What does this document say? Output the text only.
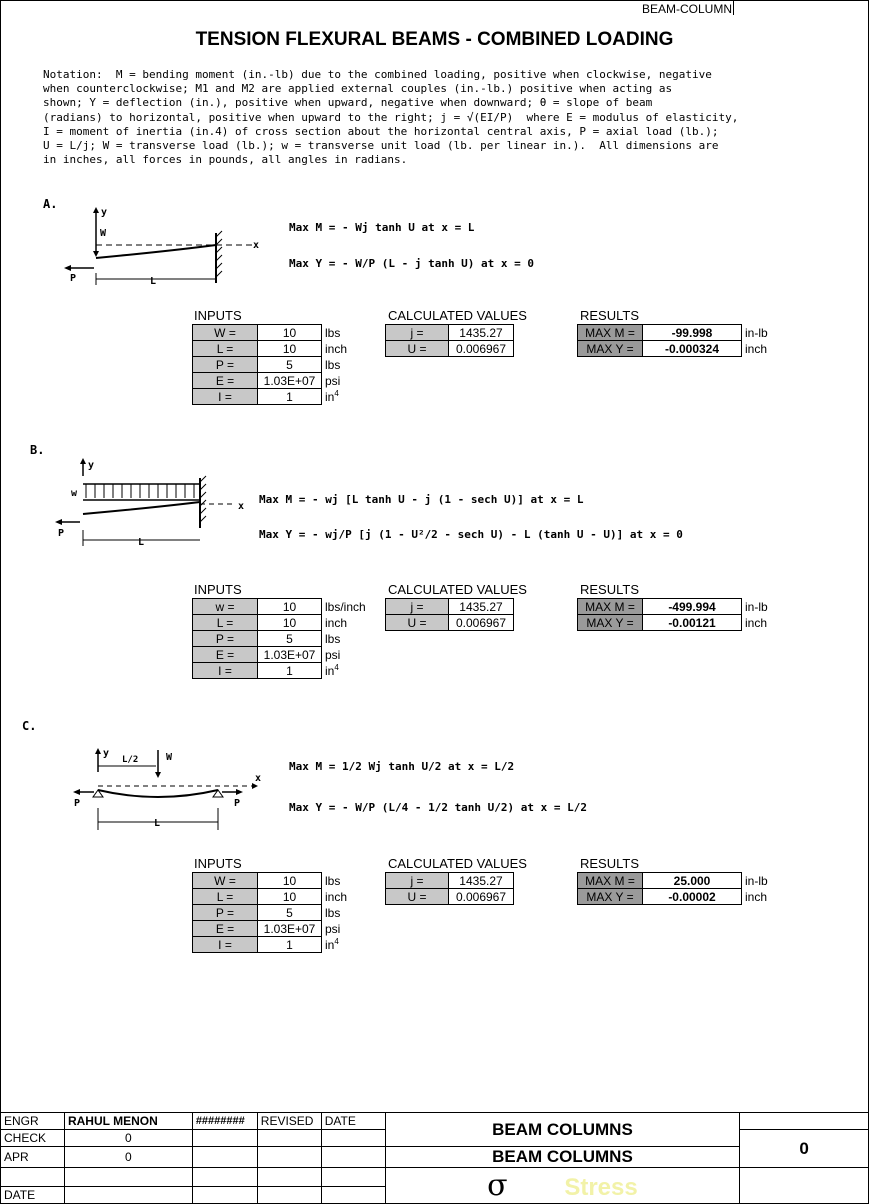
BEAM-COLUMN
TENSION FLEXURAL BEAMS - COMBINED LOADING
Notation:  M = bending moment (in.-lb) due to the combined loading, positive when clockwise, negative
when counterclockwise; M1 and M2 are applied external couples (in.-lb.) positive when acting as
shown; Y = deflection (in.), positive when upward, negative when downward; θ = slope of beam
(radians) to horizontal, positive when upward to the right; j = √(EI/P)  where E = modulus of elasticity,
I = moment of inertia (in.4) of cross section about the horizontal central axis, P = axial load (lb.);
U = L/j; W = transverse load (lb.); w = transverse unit load (lb. per linear in.).  All dimensions are
in inches, all forces in pounds, all angles in radians.
A.
y
W
x
P	L
Max M = - Wj tanh U at x = L
Max Y = - W/P (L - j tanh U) at x = 0
INPUTS	CALCULATED VALUES	RESULTS
W =	10	lbs
L =	10	inch
P =	5	lbs
E =	1.03E+07	psi
I =	1	$in^4$
j =	1435.27
U =	0.006967
MAX M =	-99.998	in-lb
MAX Y =	-0.000324	inch
B.
y
w
x
P
L
Max M = - wj [L tanh U - j (1 - sech U)] at x = L
Max Y = - wj/P [j (1 - U²/2 - sech U) - L (tanh U - U)] at x = 0
INPUTS	CALCULATED VALUES	RESULTS
w =	10	lbs/inch
L =	10	inch
P =	5	lbs
E =	1.03E+07	psi
I =	1	$in^4$
j =	1435.27
U =	0.006967
MAX M =	-499.994	in-lb
MAX Y =	-0.00121	inch
C.
y
L/2	W
x
P	P
L
Max M = 1/2 Wj tanh U/2 at x = L/2
Max Y = - W/P (L/4 - 1/2 tanh U/2) at x = L/2
INPUTS	CALCULATED VALUES	RESULTS
W =	10	lbs
L =	10	inch
P =	5	lbs
E =	1.03E+07	psi
I =	1	$in^4$
j =	1435.27
U =	0.006967
MAX M =	25.000	in-lb
MAX Y =	-0.00002	inch
ENGR	RAHUL MENON	########	REVISED	DATE	BEAM COLUMNS	
CHECK	0					0
APR	0				BEAM COLUMNS	
					σ Stress	

DATE						
